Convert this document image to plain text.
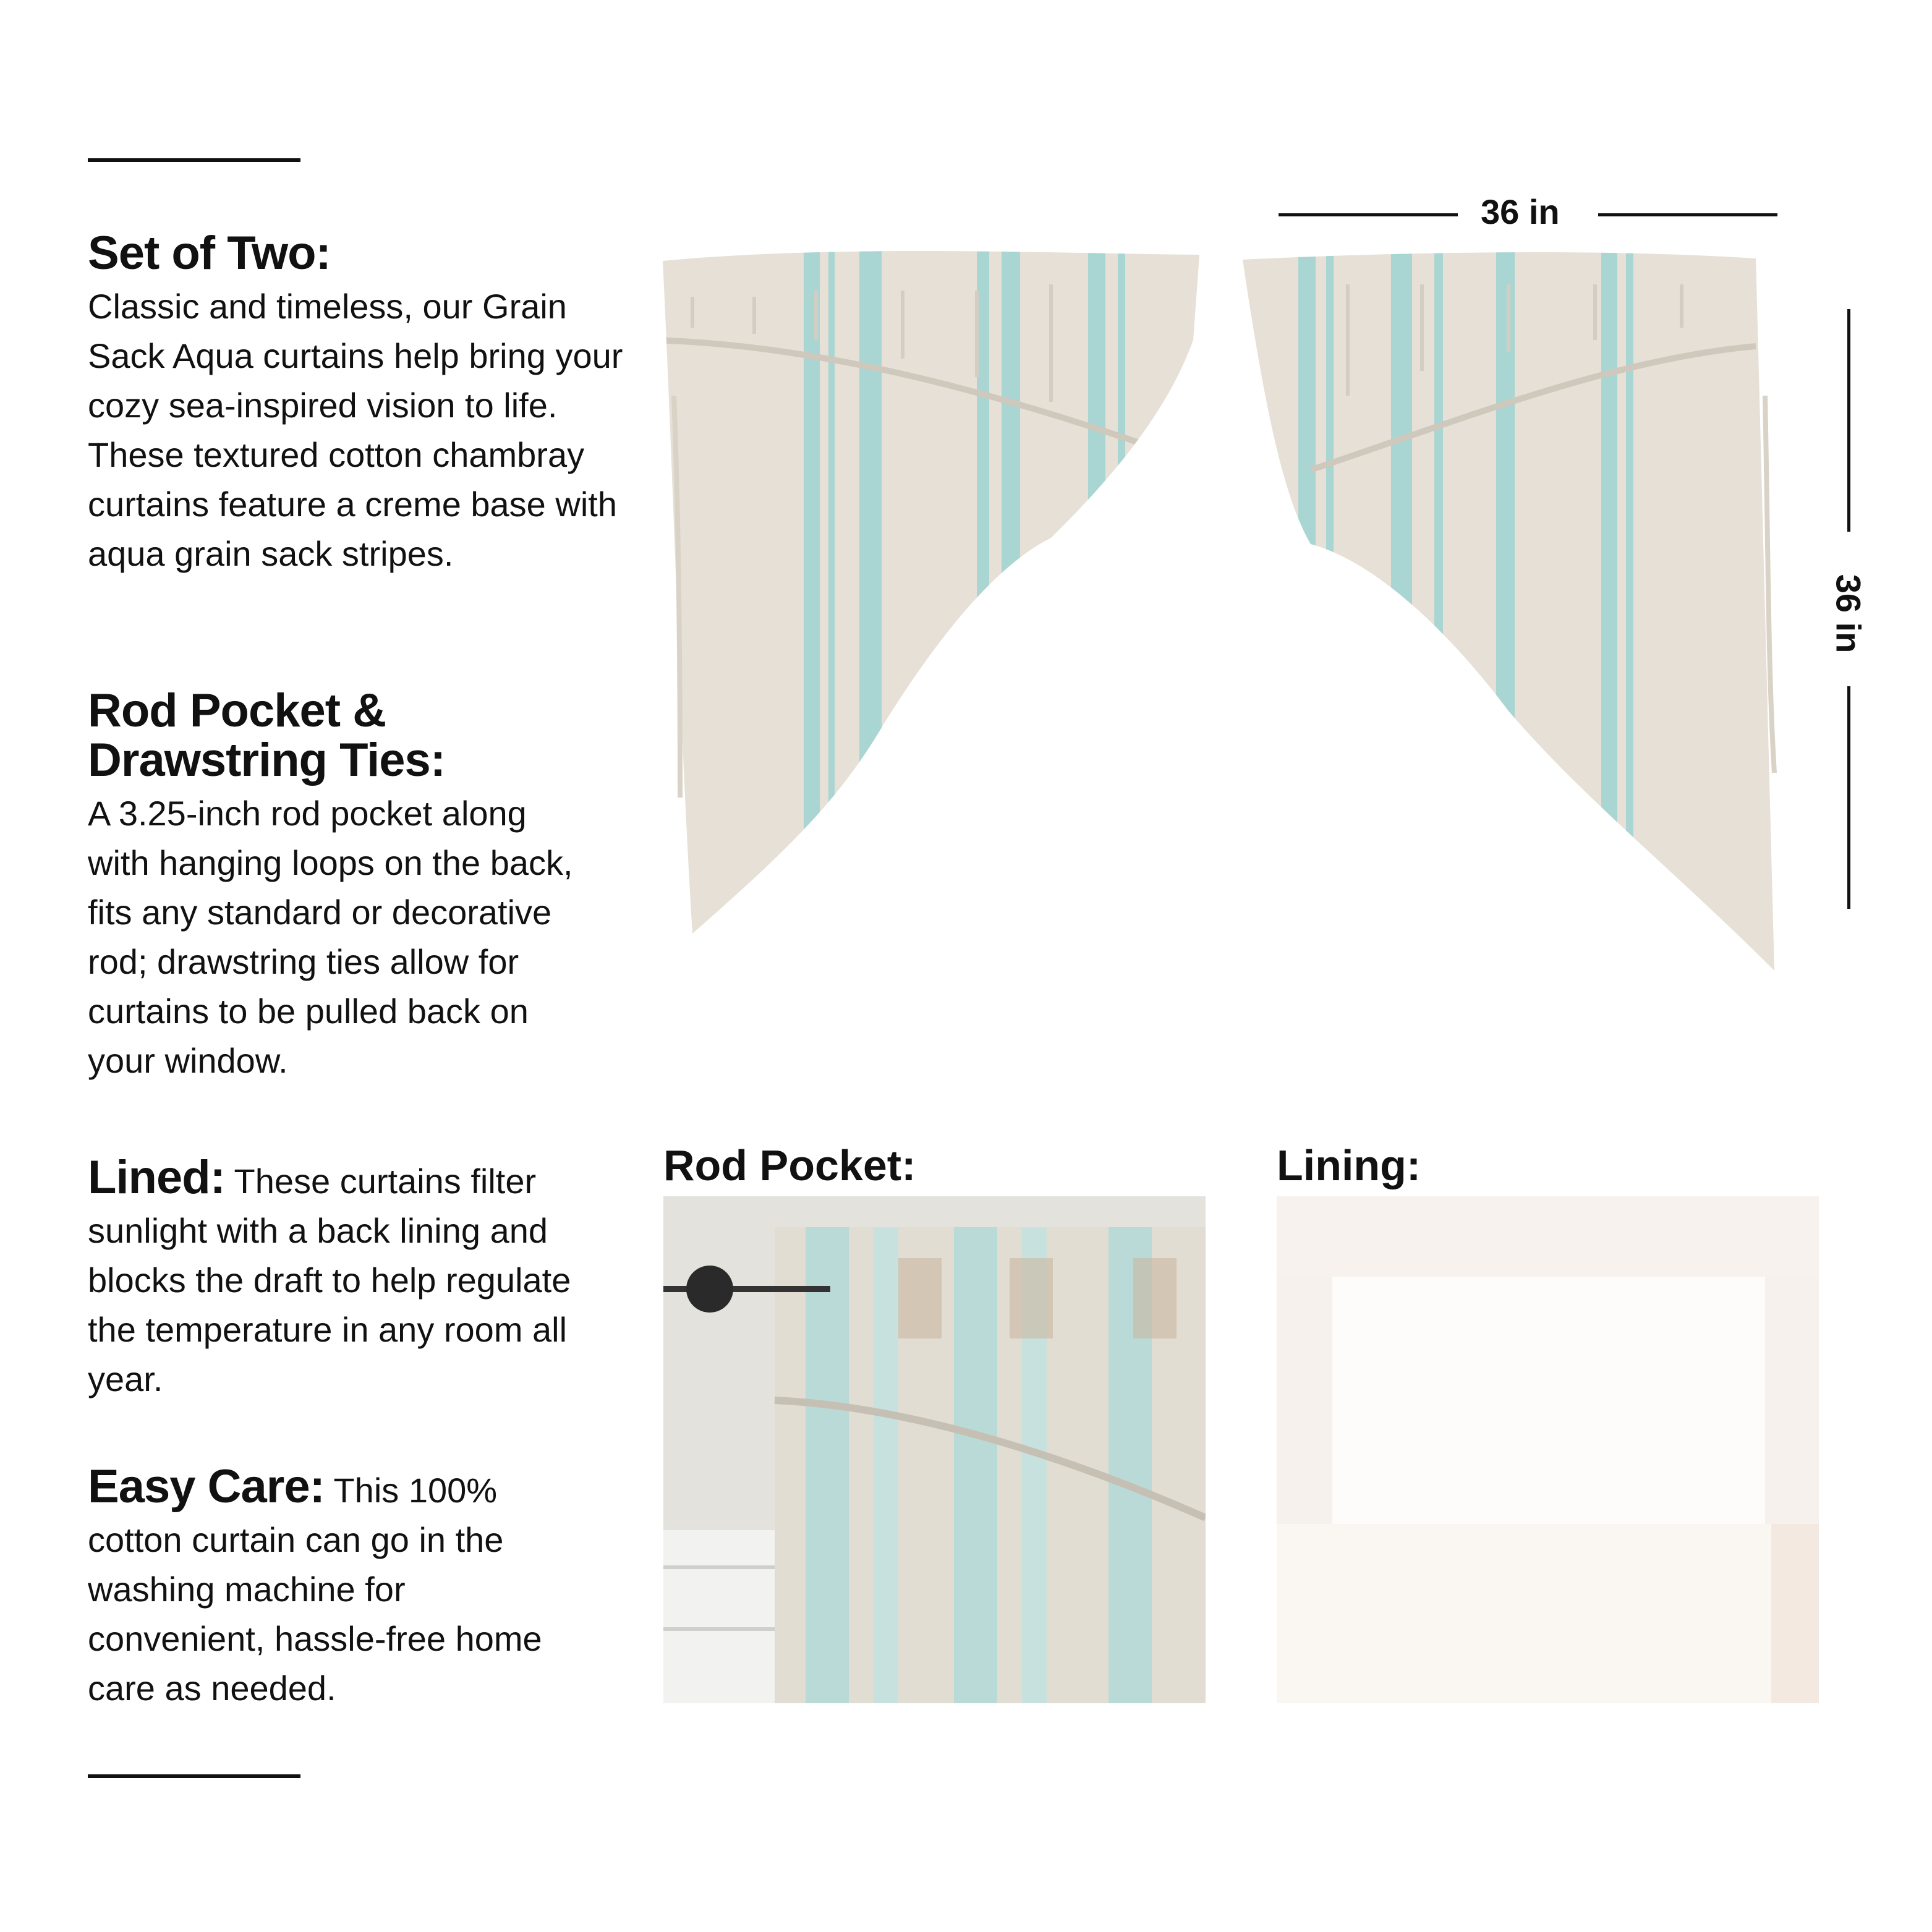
Set of Two:

Classic and timeless, our Grain Sack Aqua curtains help bring your cozy sea-inspired vision to life. These textured cotton chambray curtains feature a creme base with aqua grain sack stripes.

Rod Pocket & Drawstring Ties:

A 3.25-inch rod pocket along with hanging loops on the back, fits any standard or decorative rod; drawstring ties allow for curtains to be pulled back on your window.

Lined: These curtains filter sunlight with a back lining and blocks the draft to help regulate the temperature in any room all year.

Easy Care: This 100% cotton curtain can go in the washing machine for convenient, hassle-free home care as needed.

36 in
36 in
Rod Pocket:	Lining:
